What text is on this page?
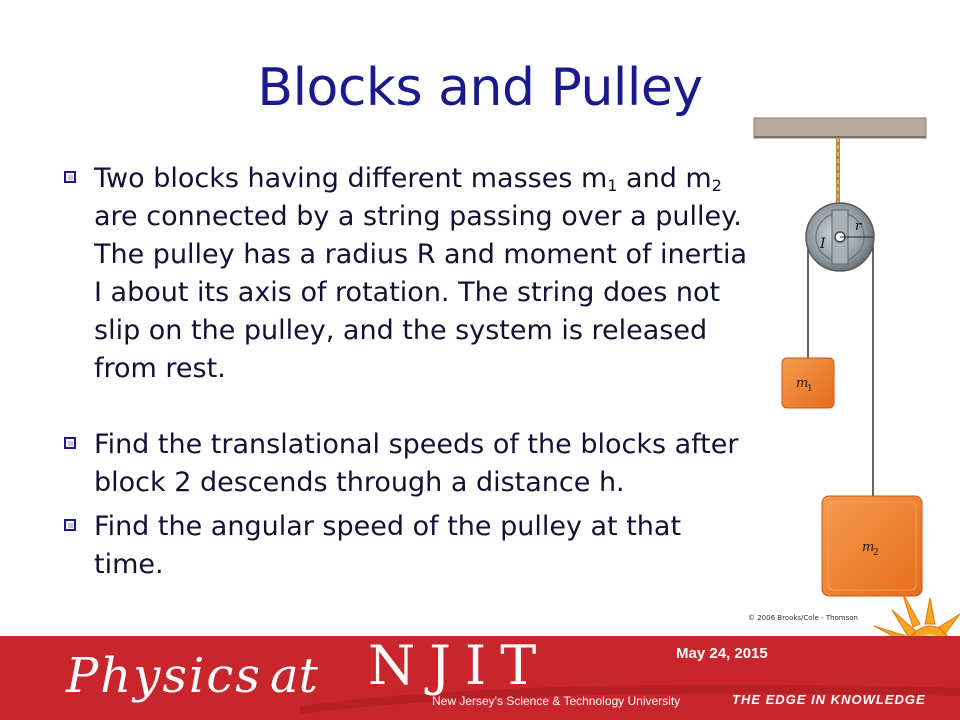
Blocks and Pulley
Two blocks having different masses $m_1$ and $m_2$ are connected by a string passing over a pulley. The pulley has a radius R and moment of inertia I about its axis of rotation. The string does not slip on the pulley, and the system is released from rest.
Find the translational speeds of the blocks after block 2 descends through a distance h.
Find the angular speed of the pulley at that time.
r
I
m
1
m
2
© 2006 Brooks/Cole - Thomson
May 24, 2015
Physics at NJIT
New Jersey's Science & Technology University	THE EDGE IN KNOWLEDGE
